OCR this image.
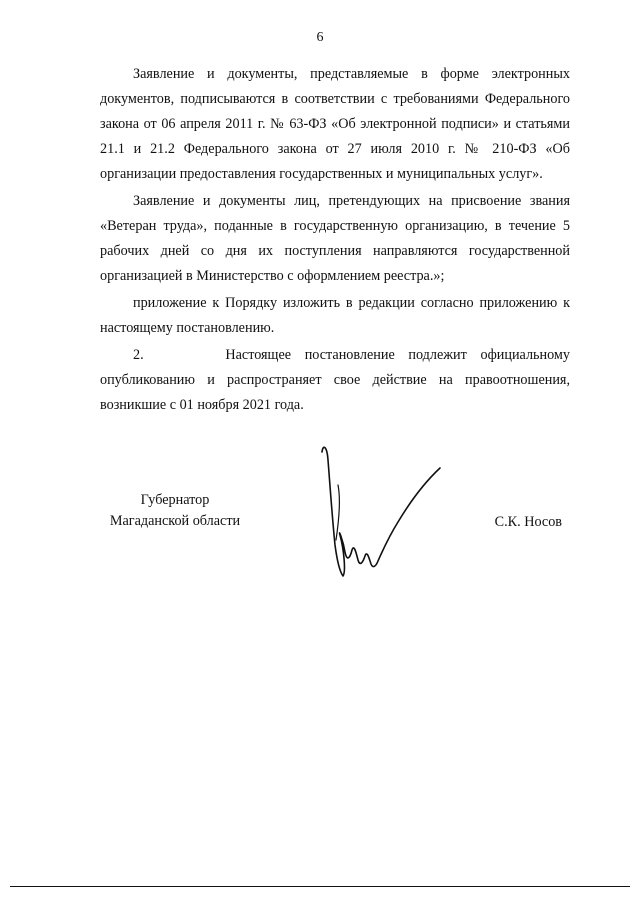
6

Заявление и документы, представляемые в форме электронных документов, подписываются в соответствии с требованиями Федерального закона от 06 апреля 2011 г. № 63-ФЗ «Об электронной подписи» и статьями 21.1 и 21.2 Федерального закона от 27 июля 2010 г. № 210-ФЗ «Об организации предоставления государственных и муниципальных услуг».

Заявление и документы лиц, претендующих на присвоение звания «Ветеран труда», поданные в государственную организацию, в течение 5 рабочих дней со дня их поступления направляются государственной организацией в Министерство с оформлением реестра.»;

приложение к Порядку изложить в редакции согласно приложению к настоящему постановлению.

2.      Настоящее постановление подлежит официальному опубликованию и распространяет свое действие на правоотношения, возникшие с 01 ноября 2021 года.

Губернатор
Магаданской области	С.К. Носов
